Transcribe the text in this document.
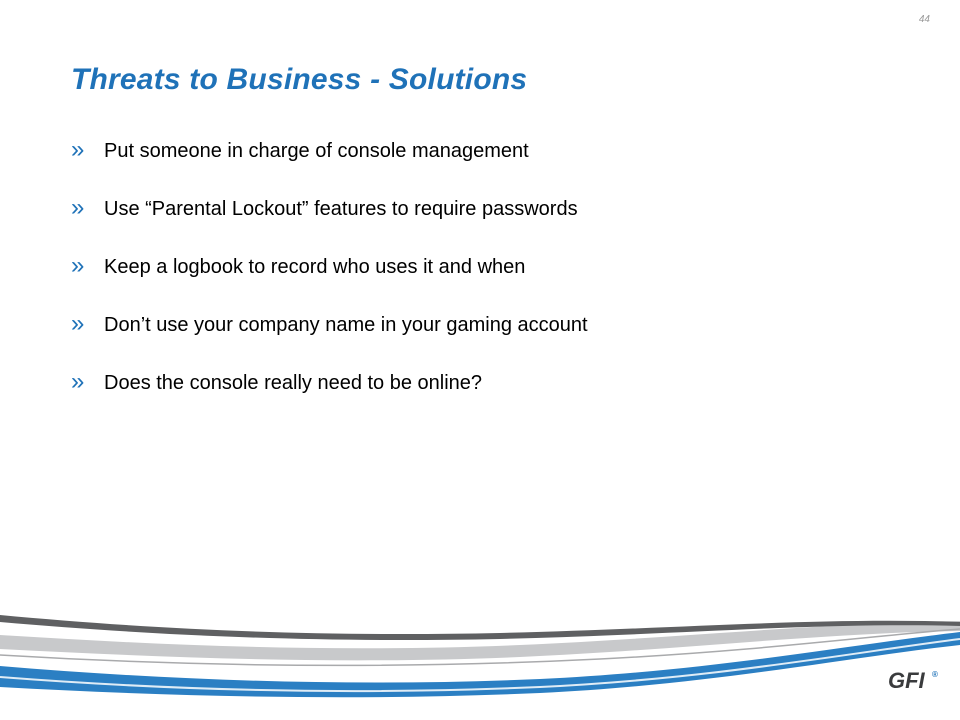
44
Threats to Business - Solutions
» Put someone in charge of console management
» Use “Parental Lockout” features to require passwords
» Keep a logbook to record who uses it and when
» Don’t use your company name in your gaming account
» Does the console really need to be online?
GFI ®
